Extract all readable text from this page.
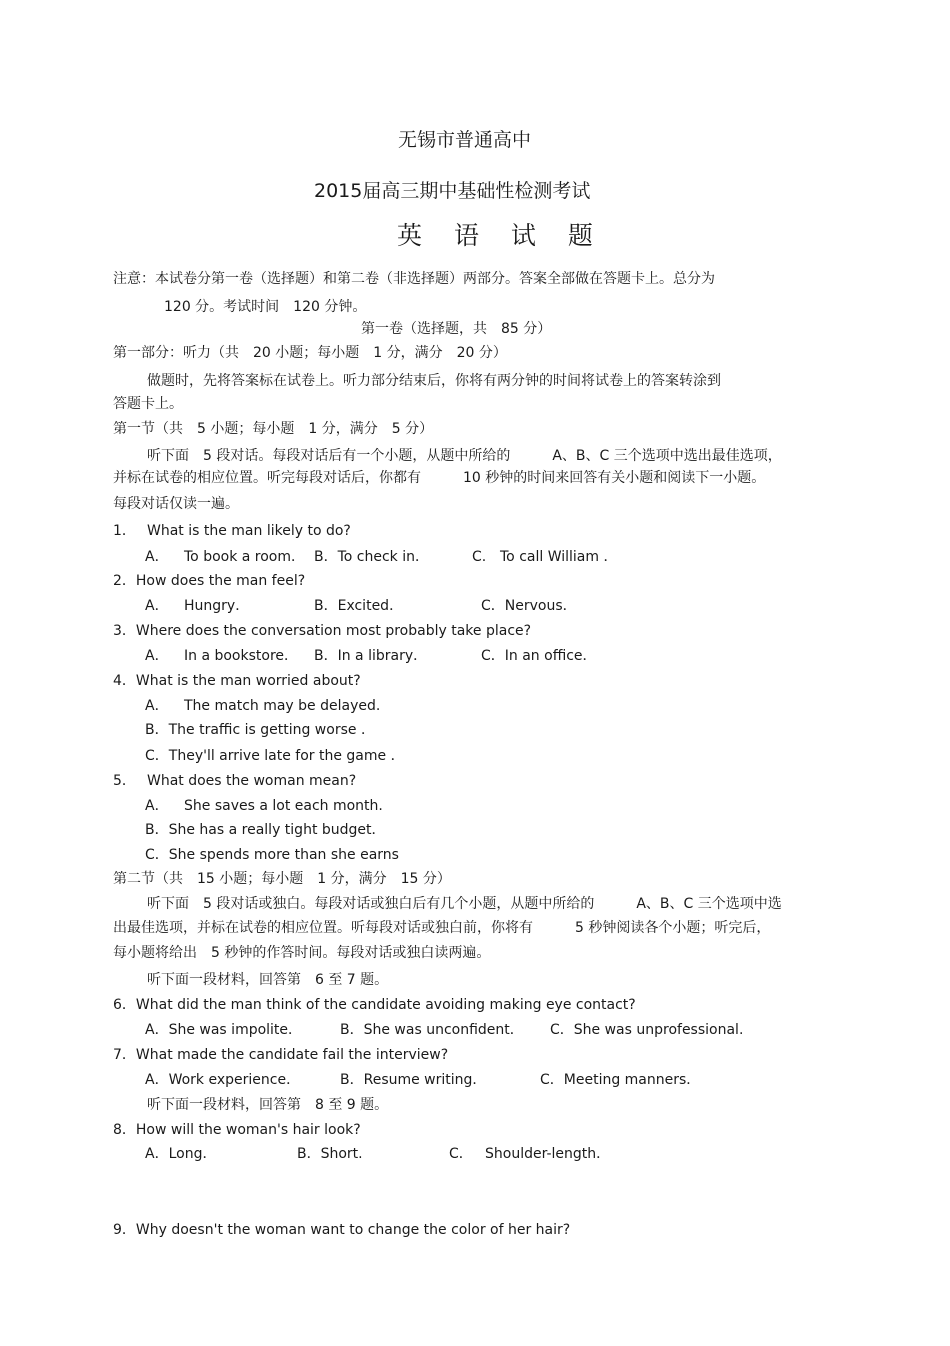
无锡市普通高中
2015届高三期中基础性检测考试
英 语 试 题
注意：本试卷分第一卷（选择题）和第二卷（非选择题）两部分。答案全部做在答题卡上。总分为
120 分。考试时间　120 分钟。
第一卷（选择题，共　85 分）
第一部分：听力（共　20 小题；每小题　1 分，满分　20 分）
做题时，先将答案标在试卷上。听力部分结束后，你将有两分钟的时间将试卷上的答案转涂到
答题卡上。
第一节（共　5 小题；每小题　1 分，满分　5 分）
听下面　5 段对话。每段对话后有一个小题，从题中所给的　　　A、B、C 三个选项中选出最佳选项，
并标在试卷的相应位置。听完每段对话后，你都有　　　10 秒钟的时间来回答有关小题和阅读下一小题。
每段对话仅读一遍。
1． What is the man likely to do?
A． To book a room． B．To check in．	C. To call William ．
2．How does the man feel?
A． Hungry．	B．Excited．	C．Nervous．
3．Where does the conversation most probably take place?
A． In a bookstore． B．In a library．	C．In an office．
4．What is the man worried about?
A． The match may be delayed.
B．The traffic is getting worse ．
C．They'll arrive late for the game ．
5． What does the woman mean?
A． She saves a lot each month.
B．She has a really tight budget．
C．She spends more than she earns
第二节（共　15 小题；每小题　1 分，满分　15 分）
听下面　5 段对话或独白。每段对话或独白后有几个小题，从题中所给的　　　A、B、C 三个选项中选
出最佳选项，并标在试卷的相应位置。听每段对话或独白前，你将有　　　5 秒钟阅读各个小题；听完后，
每小题将给出　5 秒钟的作答时间。每段对话或独白读两遍。
听下面一段材料，回答第　6 至 7 题。
6．What did the man think of the candidate avoiding making eye contact?
A．She was impolite．	B．She was unconfident． C．She was unprofessional.
7．What made the candidate fail the interview?
A．Work experience．	B．Resume writing．	C．Meeting manners．
听下面一段材料，回答第　8 至 9 题。
8．How will the woman's hair look?
A．Long．	B．Short.	C． Shoulder-length．
9．Why doesn't the woman want to change the color of her hair?
